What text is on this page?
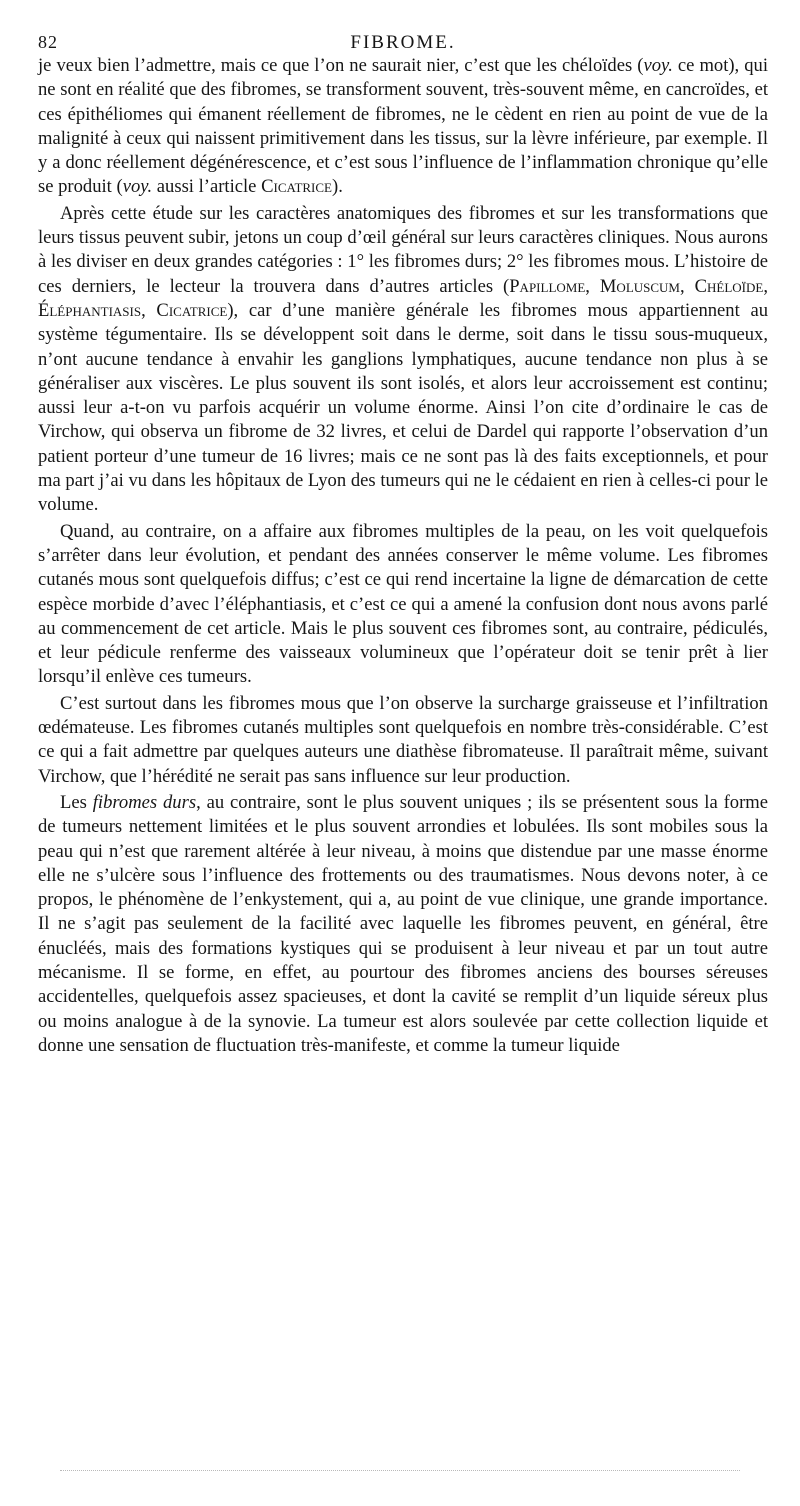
82	FIBROME.

je veux bien l’admettre, mais ce que l’on ne saurait nier, c’est que les chéloïdes (voy. ce mot), qui ne sont en réalité que des fibromes, se transforment souvent, très-souvent même, en cancroïdes, et ces épithéliomes qui émanent réellement de fibromes, ne le cèdent en rien au point de vue de la malignité à ceux qui naissent primitivement dans les tissus, sur la lèvre inférieure, par exemple. Il y a donc réellement dégénérescence, et c’est sous l’influence de l’inflammation chronique qu’elle se produit (voy. aussi l’article Cicatrice).

Après cette étude sur les caractères anatomiques des fibromes et sur les transformations que leurs tissus peuvent subir, jetons un coup d’œil général sur leurs caractères cliniques. Nous aurons à les diviser en deux grandes catégories : 1° les fibromes durs; 2° les fibromes mous. L’histoire de ces derniers, le lecteur la trouvera dans d’autres articles (Papillome, Moluscum, Chéloïde, Éléphantiasis, Cicatrice), car d’une manière générale les fibromes mous appartiennent au système tégumentaire. Ils se développent soit dans le derme, soit dans le tissu sous-muqueux, n’ont aucune tendance à envahir les ganglions lymphatiques, aucune tendance non plus à se généraliser aux viscères. Le plus souvent ils sont isolés, et alors leur accroissement est continu; aussi leur a-t-on vu parfois acquérir un volume énorme. Ainsi l’on cite d’ordinaire le cas de Virchow, qui observa un fibrome de 32 livres, et celui de Dardel qui rapporte l’observation d’un patient porteur d’une tumeur de 16 livres; mais ce ne sont pas là des faits exceptionnels, et pour ma part j’ai vu dans les hôpitaux de Lyon des tumeurs qui ne le cédaient en rien à celles-ci pour le volume.

Quand, au contraire, on a affaire aux fibromes multiples de la peau, on les voit quelquefois s’arrêter dans leur évolution, et pendant des années conserver le même volume. Les fibromes cutanés mous sont quelquefois diffus; c’est ce qui rend incertaine la ligne de démarcation de cette espèce morbide d’avec l’éléphantiasis, et c’est ce qui a amené la confusion dont nous avons parlé au commencement de cet article. Mais le plus souvent ces fibromes sont, au contraire, pédiculés, et leur pédicule renferme des vaisseaux volumineux que l’opérateur doit se tenir prêt à lier lorsqu’il enlève ces tumeurs.

C’est surtout dans les fibromes mous que l’on observe la surcharge graisseuse et l’infiltration œdémateuse. Les fibromes cutanés multiples sont quelquefois en nombre très-considérable. C’est ce qui a fait admettre par quelques auteurs une diathèse fibromateuse. Il paraîtrait même, suivant Virchow, que l’hérédité ne serait pas sans influence sur leur production.

Les fibromes durs, au contraire, sont le plus souvent uniques ; ils se présentent sous la forme de tumeurs nettement limitées et le plus souvent arrondies et lobulées. Ils sont mobiles sous la peau qui n’est que rarement altérée à leur niveau, à moins que distendue par une masse énorme elle ne s’ulcère sous l’influence des frottements ou des traumatismes. Nous devons noter, à ce propos, le phénomène de l’enkystement, qui a, au point de vue clinique, une grande importance. Il ne s’agit pas seulement de la facilité avec laquelle les fibromes peuvent, en général, être énucléés, mais des formations kystiques qui se produisent à leur niveau et par un tout autre mécanisme. Il se forme, en effet, au pourtour des fibromes anciens des bourses séreuses accidentelles, quelquefois assez spacieuses, et dont la cavité se remplit d’un liquide séreux plus ou moins analogue à de la synovie. La tumeur est alors soulevée par cette collection liquide et donne une sensation de fluctuation très-manifeste, et comme la tumeur liquide
